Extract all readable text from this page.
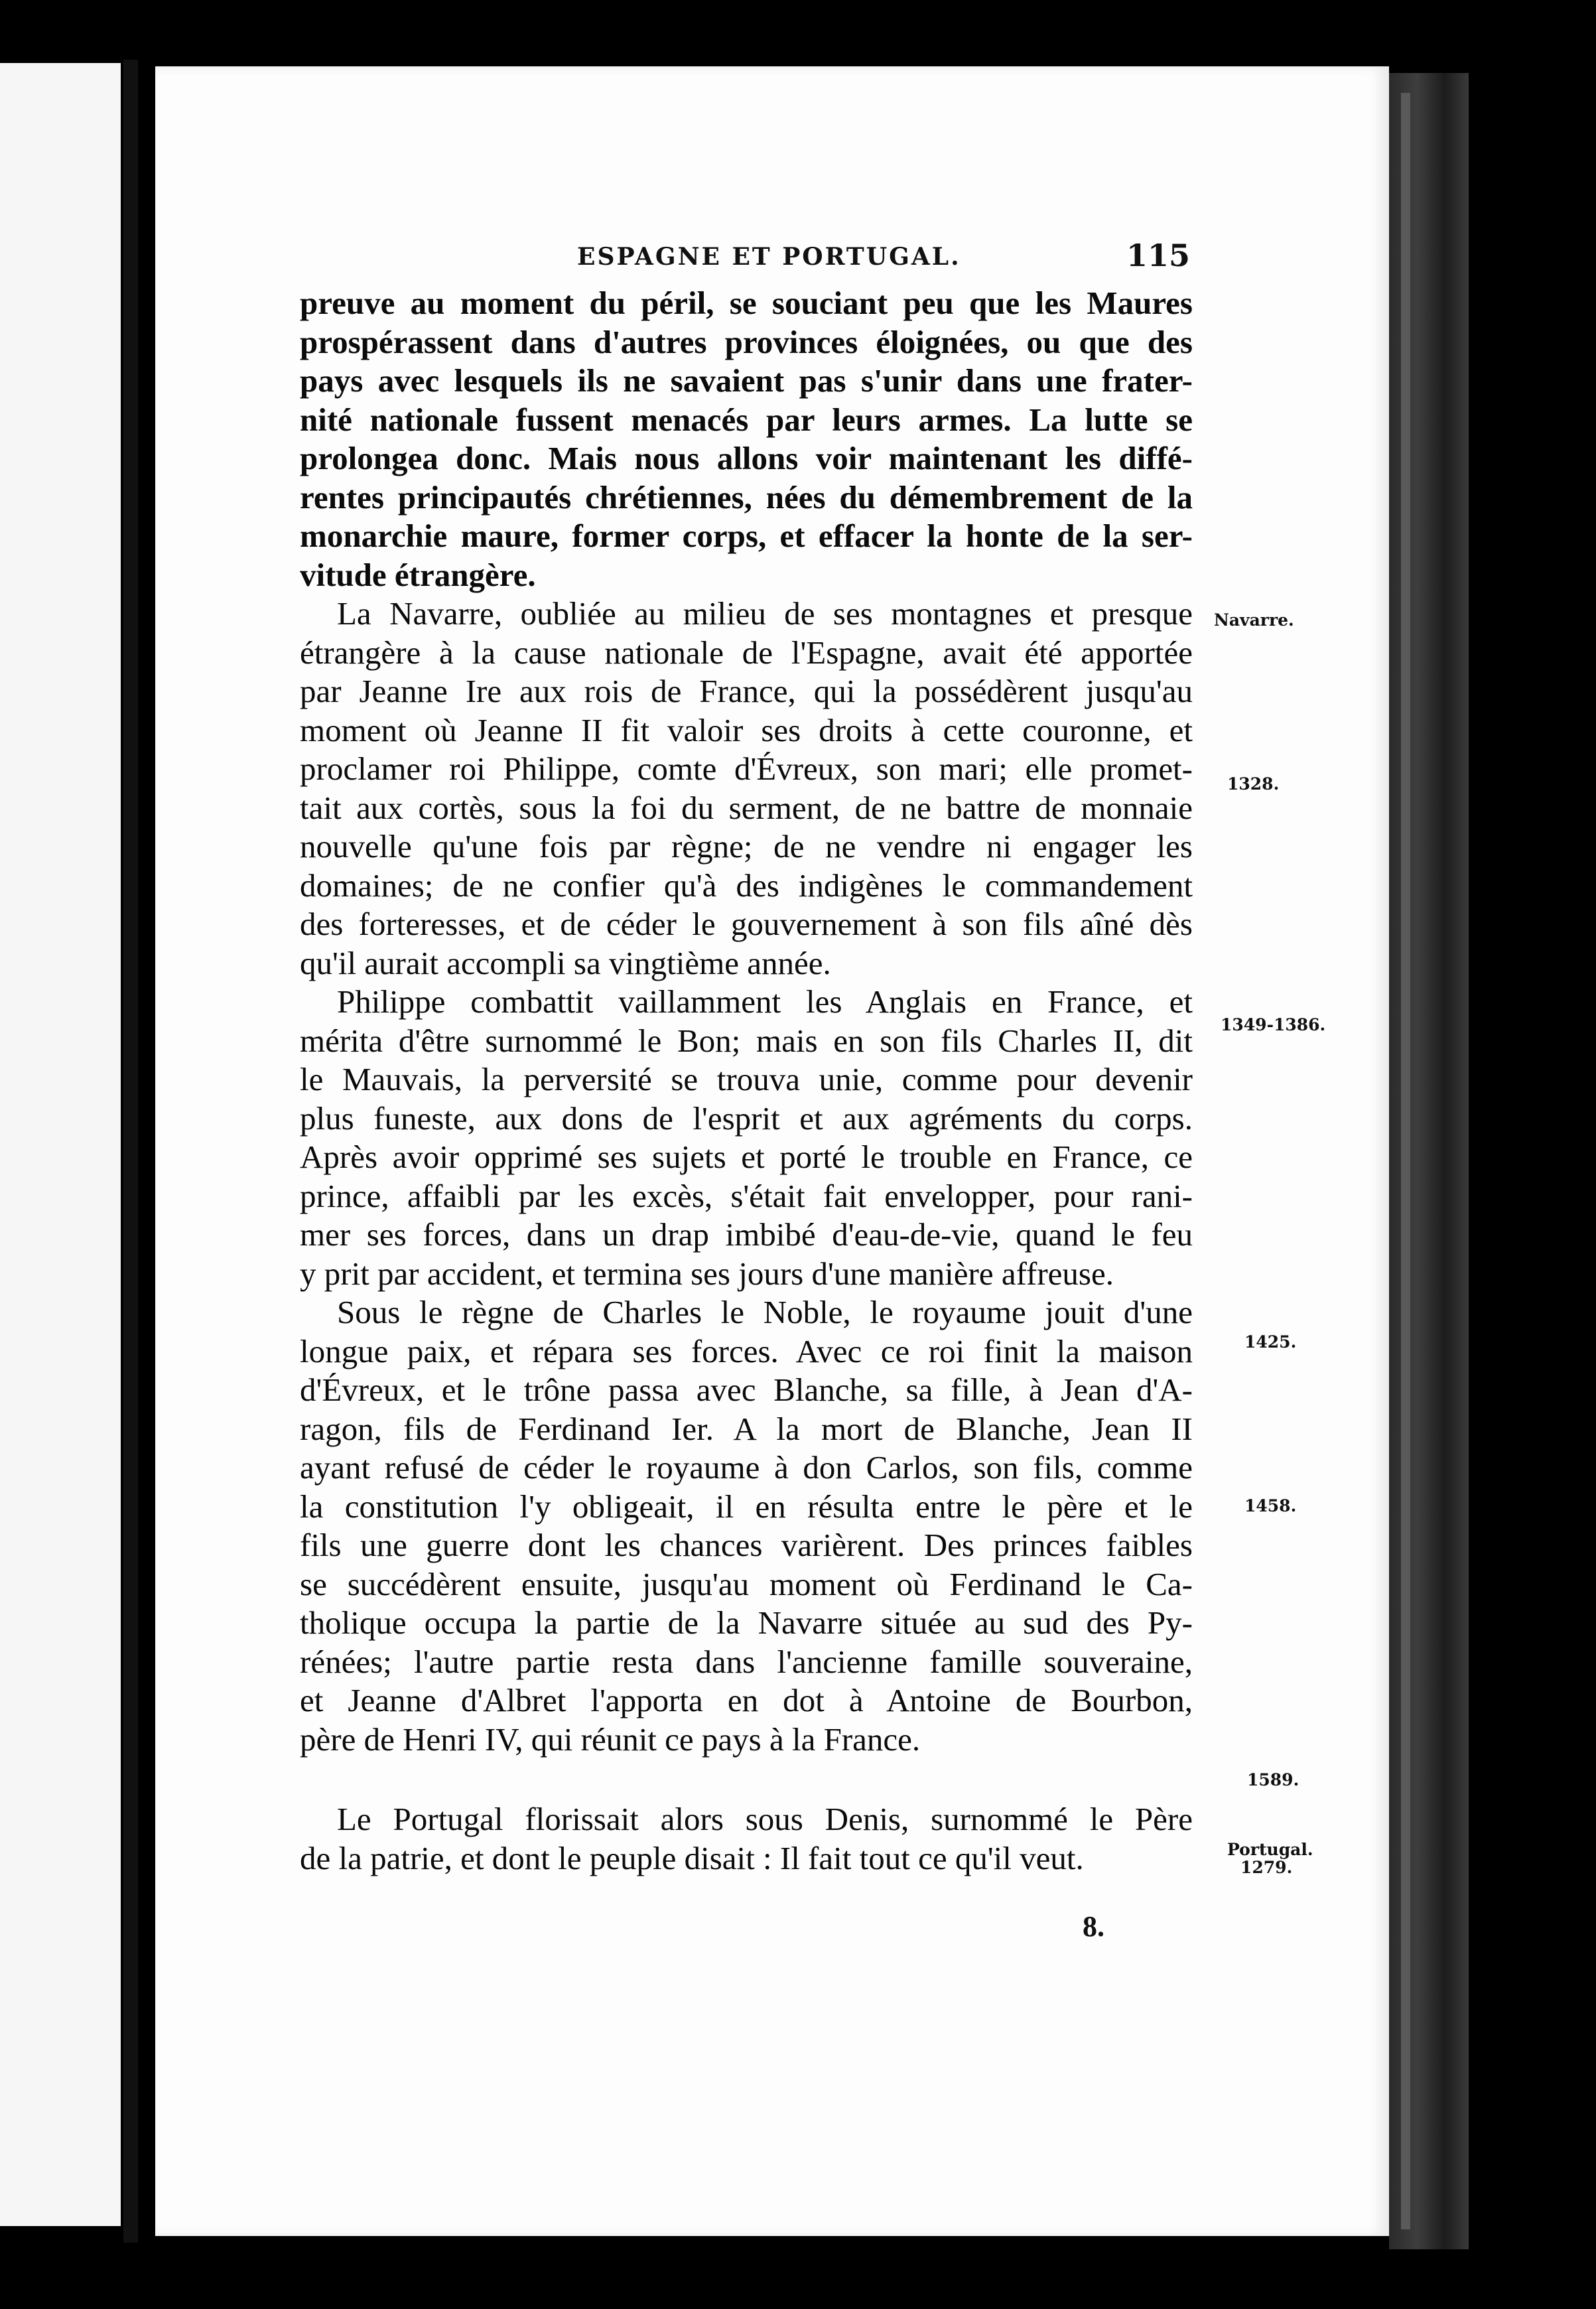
ESPAGNE ET PORTUGAL.	115
preuve au moment du péril, se souciant peu que les Maures
prospérassent dans d'autres provinces éloignées, ou que des
pays avec lesquels ils ne savaient pas s'unir dans une frater-
nité nationale fussent menacés par leurs armes. La lutte se
prolongea donc. Mais nous allons voir maintenant les diffé-
rentes principautés chrétiennes, nées du démembrement de la
monarchie maure, former corps, et effacer la honte de la ser-
vitude étrangère.
La Navarre, oubliée au milieu de ses montagnes et presque
étrangère à la cause nationale de l'Espagne, avait été apportée
par Jeanne Ire aux rois de France, qui la possédèrent jusqu'au
moment où Jeanne II fit valoir ses droits à cette couronne, et
proclamer roi Philippe, comte d'Évreux, son mari; elle promet-
tait aux cortès, sous la foi du serment, de ne battre de monnaie
nouvelle qu'une fois par règne; de ne vendre ni engager les
domaines; de ne confier qu'à des indigènes le commandement
des forteresses, et de céder le gouvernement à son fils aîné dès
qu'il aurait accompli sa vingtième année.
Philippe combattit vaillamment les Anglais en France, et
mérita d'être surnommé le Bon; mais en son fils Charles II, dit
le Mauvais, la perversité se trouva unie, comme pour devenir
plus funeste, aux dons de l'esprit et aux agréments du corps.
Après avoir opprimé ses sujets et porté le trouble en France, ce
prince, affaibli par les excès, s'était fait envelopper, pour rani-
mer ses forces, dans un drap imbibé d'eau-de-vie, quand le feu
y prit par accident, et termina ses jours d'une manière affreuse.
Sous le règne de Charles le Noble, le royaume jouit d'une
longue paix, et répara ses forces. Avec ce roi finit la maison
d'Évreux, et le trône passa avec Blanche, sa fille, à Jean d'A-
ragon, fils de Ferdinand Ier. A la mort de Blanche, Jean II
ayant refusé de céder le royaume à don Carlos, son fils, comme
la constitution l'y obligeait, il en résulta entre le père et le
fils une guerre dont les chances varièrent. Des princes faibles
se succédèrent ensuite, jusqu'au moment où Ferdinand le Ca-
tholique occupa la partie de la Navarre située au sud des Py-
rénées; l'autre partie resta dans l'ancienne famille souveraine,
et Jeanne d'Albret l'apporta en dot à Antoine de Bourbon,
père de Henri IV, qui réunit ce pays à la France.
Le Portugal florissait alors sous Denis, surnommé le Père
de la patrie, et dont le peuple disait : Il fait tout ce qu'il veut.
8.
Navarre.
1328.
1349-1386.
1425.
1458.
1589.
Portugal.
1279.
